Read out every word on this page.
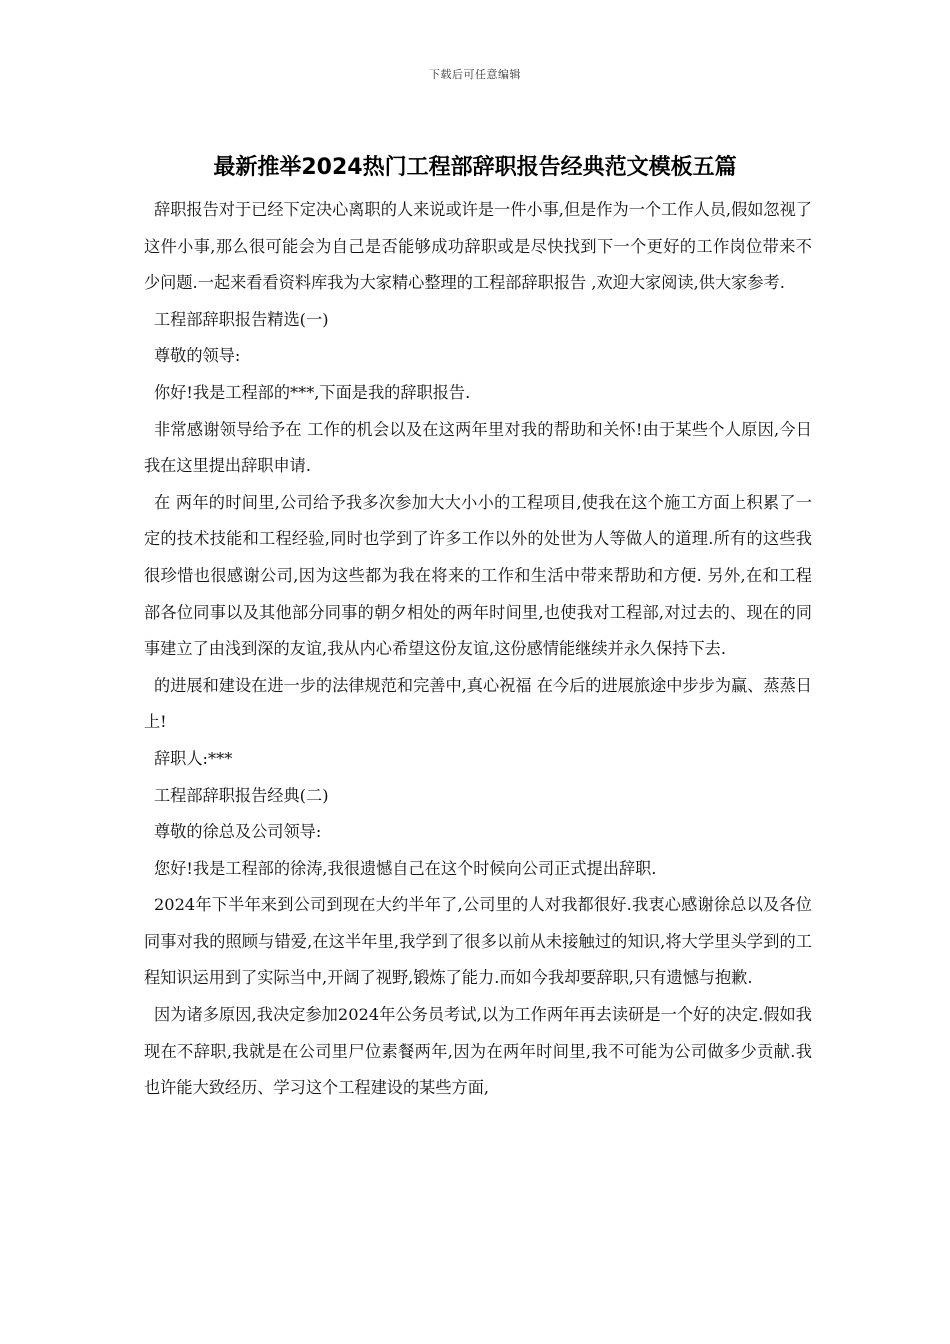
下载后可任意编辑
最新推举2024热门工程部辞职报告经典范文模板五篇

辞职报告对于已经下定决心离职的人来说或许是一件小事,但是作为一个工作人员,假如忽视了这件小事,那么很可能会为自己是否能够成功辞职或是尽快找到下一个更好的工作岗位带来不少问题.一起来看看资料库我为大家精心整理的工程部辞职报告 ,欢迎大家阅读,供大家参考.

工程部辞职报告精选(一)

尊敬的领导:

你好!我是工程部的***,下面是我的辞职报告.

非常感谢领导给予在 工作的机会以及在这两年里对我的帮助和关怀!由于某些个人原因,今日我在这里提出辞职申请.

在 两年的时间里,公司给予我多次参加大大小小的工程项目,使我在这个施工方面上积累了一定的技术技能和工程经验,同时也学到了许多工作以外的处世为人等做人的道理.所有的这些我很珍惜也很感谢公司,因为这些都为我在将来的工作和生活中带来帮助和方便. 另外,在和工程部各位同事以及其他部分同事的朝夕相处的两年时间里,也使我对工程部,对过去的、现在的同事建立了由浅到深的友谊,我从内心希望这份友谊,这份感情能继续并永久保持下去.

的进展和建设在进一步的法律规范和完善中,真心祝福 在今后的进展旅途中步步为赢、蒸蒸日上!

辞职人:***

工程部辞职报告经典(二)

尊敬的徐总及公司领导:

您好!我是工程部的徐涛,我很遗憾自己在这个时候向公司正式提出辞职.

2024年下半年来到公司到现在大约半年了,公司里的人对我都很好.我衷心感谢徐总以及各位同事对我的照顾与错爱,在这半年里,我学到了很多以前从未接触过的知识,将大学里头学到的工程知识运用到了实际当中,开阔了视野,锻炼了能力.而如今我却要辞职,只有遗憾与抱歉.

因为诸多原因,我决定参加2024年公务员考试,以为工作两年再去读研是一个好的决定.假如我现在不辞职,我就是在公司里尸位素餐两年,因为在两年时间里,我不可能为公司做多少贡献.我也许能大致经历、学习这个工程建设的某些方面,
